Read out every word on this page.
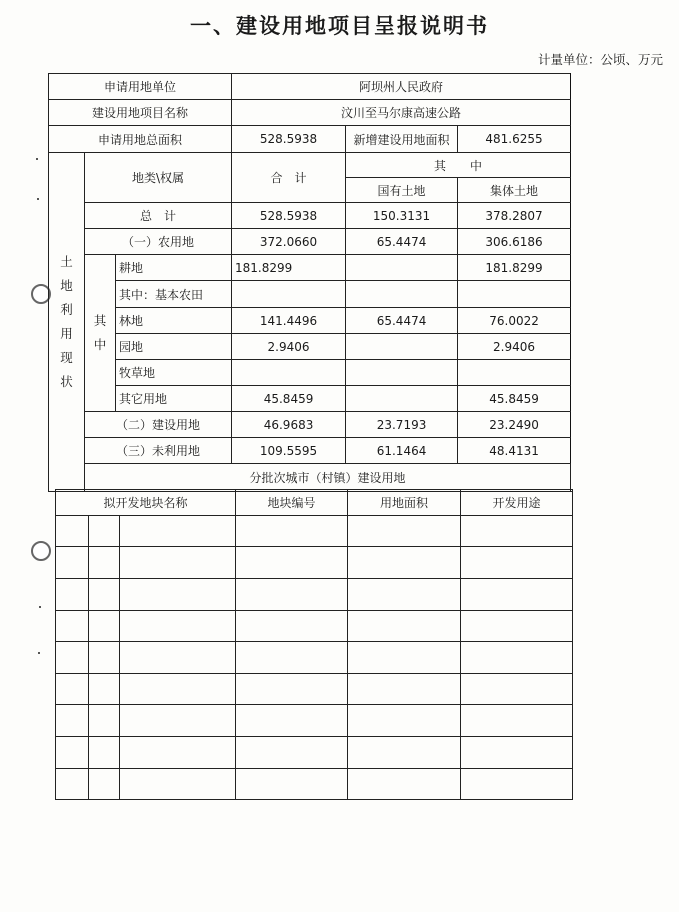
一、建设用地项目呈报说明书
计量单位：公顷、万元
申请用地单位			阿坝州人民政府		
建设用地项目名称			汶川至马尔康高速公路		
申请用地总面积			528.5938	新增建设用地面积	481.6255

土地利用现状	地类\权属		合　计	其　　中	
				国有土地	集体土地
	总　计		528.5938	150.3131	378.2807
	（一）农用地		372.0660	65.4474	306.6186

	其中	耕地	181.8299		181.8299
		其中：基本农田			
		林地	141.4496	65.4474	76.0022
		园地	2.9406		2.9406
		牧草地			
		其它用地	45.8459		45.8459
	（二）建设用地		46.9683	23.7193	23.2490
	（三）未利用地		109.5595	61.1464	48.4131
	分批次城市（村镇）建设用地				
拟开发地块名称			地块编号	用地面积	开发用途
